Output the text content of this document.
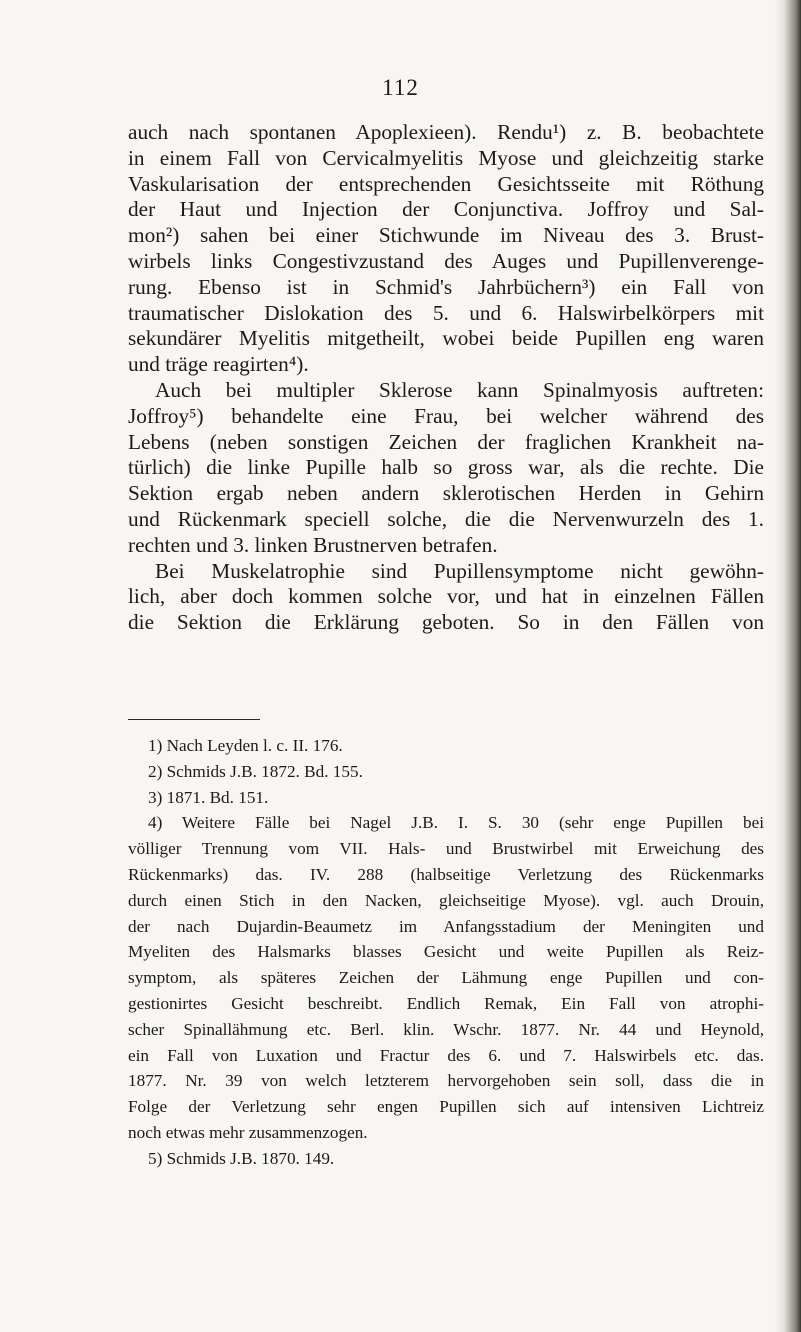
112
auch nach spontanen Apoplexieen). Rendu¹) z. B. beobachtete
in einem Fall von Cervicalmyelitis Myose und gleichzeitig starke
Vaskularisation der entsprechenden Gesichtsseite mit Röthung
der Haut und Injection der Conjunctiva. Joffroy und Sal-
mon²) sahen bei einer Stichwunde im Niveau des 3. Brust-
wirbels links Congestivzustand des Auges und Pupillenverenge-
rung. Ebenso ist in Schmid's Jahrbüchern³) ein Fall von
traumatischer Dislokation des 5. und 6. Halswirbelkörpers mit
sekundärer Myelitis mitgetheilt, wobei beide Pupillen eng waren
und träge reagirten⁴).
Auch bei multipler Sklerose kann Spinalmyosis auftreten:
Joffroy⁵) behandelte eine Frau, bei welcher während des
Lebens (neben sonstigen Zeichen der fraglichen Krankheit na-
türlich) die linke Pupille halb so gross war, als die rechte. Die
Sektion ergab neben andern sklerotischen Herden in Gehirn
und Rückenmark speciell solche, die die Nervenwurzeln des 1.
rechten und 3. linken Brustnerven betrafen.
Bei Muskelatrophie sind Pupillensymptome nicht gewöhn-
lich, aber doch kommen solche vor, und hat in einzelnen Fällen
die Sektion die Erklärung geboten. So in den Fällen von
1) Nach Leyden l. c. II. 176.
2) Schmids J.B. 1872. Bd. 155.
3) 1871. Bd. 151.
4) Weitere Fälle bei Nagel J.B. I. S. 30 (sehr enge Pupillen bei
völliger Trennung vom VII. Hals- und Brustwirbel mit Erweichung des
Rückenmarks) das. IV. 288 (halbseitige Verletzung des Rückenmarks
durch einen Stich in den Nacken, gleichseitige Myose). vgl. auch Drouin,
der nach Dujardin-Beaumetz im Anfangsstadium der Meningiten und
Myeliten des Halsmarks blasses Gesicht und weite Pupillen als Reiz-
symptom, als späteres Zeichen der Lähmung enge Pupillen und con-
gestionirtes Gesicht beschreibt. Endlich Remak, Ein Fall von atrophi-
scher Spinallähmung etc. Berl. klin. Wschr. 1877. Nr. 44 und Heynold,
ein Fall von Luxation und Fractur des 6. und 7. Halswirbels etc. das.
1877. Nr. 39 von welch letzterem hervorgehoben sein soll, dass die in
Folge der Verletzung sehr engen Pupillen sich auf intensiven Lichtreiz
noch etwas mehr zusammenzogen.
5) Schmids J.B. 1870. 149.
